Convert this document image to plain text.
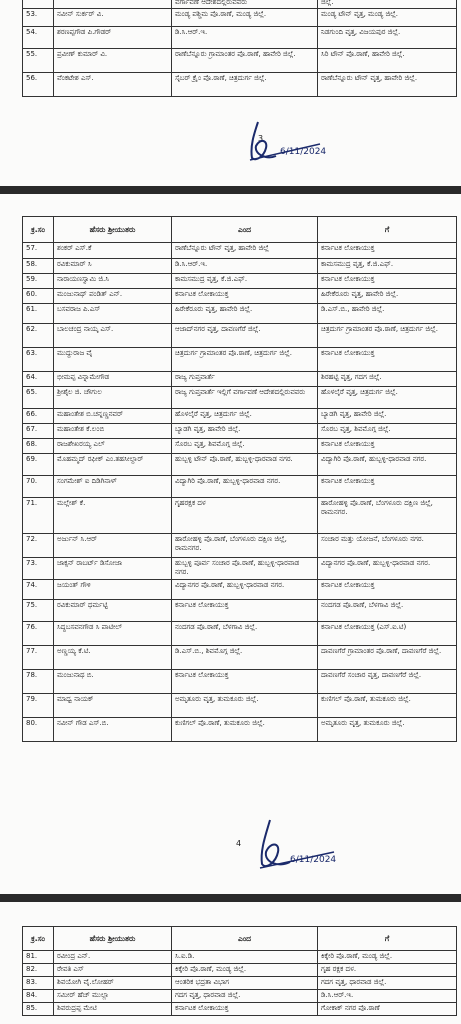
		ವರ್ಗಾವಣೆ ಆದೇಶದಲ್ಲಿರುವವರು	ಜಿಲ್ಲೆ.
53.	ನವೀನ್ ಸುರ್ಕರ್ ವಿ.	ಮಂಡ್ಯ ಪಶ್ಚಿಮ ಪೊ.ಠಾಣೆ, ಮಂಡ್ಯ ಜಿಲ್ಲೆ.	ಮಂಡ್ಯ ಟೌನ್ ವೃತ್ತ, ಮಂಡ್ಯ ಜಿಲ್ಲೆ.
54.	ಶರಣಪ್ಪಗೌಡ ಪಿ.ಗೌಡರ್	ಡಿ.ಸಿ.ಆರ್.ಇ.	ನಿಡಗುಂದಿ ವೃತ್ತ, ವಿಜಯಪುರ ಜಿಲ್ಲೆ.
55.	ಪ್ರವೀಣ್ ಕುಮಾರ್ ವಿ.	ರಾಣೆಬೆನ್ನೂರು ಗ್ರಾಮಾಂತರ ಪೊ.ಠಾಣೆ, ಹಾವೇರಿ ಜಿಲ್ಲೆ.	ಸಿರಿ ಟೌನ್ ಪೊ.ಠಾಣೆ, ಹಾವೇರಿ ಜಿಲ್ಲೆ.
56.	ವೆಂಕಟೇಶ ಎಸ್.	ಸೈಬರ್ ಕ್ರೈಂ ಪೊ.ಠಾಣೆ, ಚಿತ್ರದುರ್ಗ ಜಿಲ್ಲೆ.	ರಾಣೆಬೆನ್ನೂರು ಟೌನ್ ವೃತ್ತ, ಹಾವೇರಿ ಜಿಲ್ಲೆ.
3
6/11/2024
ಕ್ರ.ಸಂ	ಹೆಸರು ಶ್ರೀಯುತರು	ಎಂದ	ಗೆ
57.	ಶಂಕರ್ ಎಸ್.ಕೆ	ರಾಣೆಬೆನ್ನೂರು ಟೌನ್ ವೃತ್ತ, ಹಾವೇರಿ ಜಿಲ್ಲೆ	ಕರ್ನಾಟಕ ಲೋಕಾಯುಕ್ತ
58.	ರವಿಕುಮಾರ್ ಸಿ	ಡಿ.ಸಿ.ಆರ್.ಇ.	ಕಾಮಸಮುದ್ರ ವೃತ್ತ, ಕೆ.ಜಿ.ಎಫ್.
59.	ನಾರಾಯಣಸ್ವಾಮಿ ಜಿ.ಸಿ	ಕಾಮಸಮುದ್ರ ವೃತ್ತ, ಕೆ.ಜಿ.ಎಫ್.	ಕರ್ನಾಟಕ ಲೋಕಾಯುಕ್ತ
60.	ಮಂಜುನಾಥ್ ಪಂಡಿತ್ ಎನ್.	ಕರ್ನಾಟಕ ಲೋಕಾಯುಕ್ತ	ಹಿರೇಕೆರೂರು ವೃತ್ತ, ಹಾವೇರಿ ಜಿಲ್ಲೆ.
61.	ಬಸವರಾಜ ಪಿ.ಎಸ್	ಹಿರೇಕೆರೂರು ವೃತ್ತ, ಹಾವೇರಿ ಜಿಲ್ಲೆ.	ಡಿ.ಎಸ್.ಬಿ., ಹಾವೇರಿ ಜಿಲ್ಲೆ.
62.	ಬಾಲಚಂದ್ರ ನಾಯ್ಕ ಎಸ್.	ಆಜಾದ್‌ನಗರ ವೃತ್ತ, ದಾವಣಗೆರೆ ಜಿಲ್ಲೆ.	ಚಿತ್ರದುರ್ಗ ಗ್ರಾಮಾಂತರ ಪೊ.ಠಾಣೆ, ಚಿತ್ರದುರ್ಗ ಜಿಲ್ಲೆ.
63.	ಮುದ್ದುರಾಜ ವೈ	ಚಿತ್ರದುರ್ಗ ಗ್ರಾಮಾಂತರ ಪೊ.ಠಾಣೆ, ಚಿತ್ರದುರ್ಗ ಜಿಲ್ಲೆ.	ಕರ್ನಾಟಕ ಲೋಕಾಯುಕ್ತ
64.	ಭೀಮಪ್ಪ ವಿನ್ನಾಮೇಗೌಡ	ರಾಜ್ಯ ಗುಪ್ತವಾರ್ತೆ	ಶಿರಹಟ್ಟಿ ವೃತ್ತ, ಗದಗ ಜಿಲ್ಲೆ.
65.	ಶ್ರೀಶೈಲ ಜಿ. ಚೌಗುಲ	ರಾಜ್ಯ ಗುಪ್ತವಾರ್ತೆ ಇಲ್ಲಿಗೆ ವರ್ಗಾವಣೆ ಆದೇಶದಲ್ಲಿರುವವರು	ಹೊಳಲ್ಕೆರೆ ವೃತ್ತ, ಚಿತ್ರದುರ್ಗ ಜಿಲ್ಲೆ.
66.	ಮಹಾಂತೇಶ ಬಿ.ಚನ್ನಣ್ಣನವರ್	ಹೊಳಲ್ಕೆರೆ ವೃತ್ತ, ಚಿತ್ರದುರ್ಗ ಜಿಲ್ಲೆ.	ಬ್ಯಾಡಗಿ ವೃತ್ತ, ಹಾವೇರಿ ಜಿಲ್ಲೆ.
67.	ಮಹಾಂತೇಶ ಕೆ.ಲಂಬಿ	ಬ್ಯಾಡಗಿ ವೃತ್ತ, ಹಾವೇರಿ ಜಿಲ್ಲೆ.	ಸೊರಬ ವೃತ್ತ, ಶಿವಮೊಗ್ಗ ಜಿಲ್ಲೆ.
68.	ರಾಜಶೇಖರಯ್ಯ ಎಲ್	ಸೊರಬ ವೃತ್ತ, ಶಿವಮೊಗ್ಗ ಜಿಲ್ಲೆ.	ಕರ್ನಾಟಕ ಲೋಕಾಯುಕ್ತ
69.	ಮೊಹಮ್ಮದ್ ರಫೀಕ್ ಎಂ.ತಹಸೀಲ್ದಾರ್	ಹುಬ್ಬಳ್ಳಿ ಟೌನ್ ಪೊ.ಠಾಣೆ, ಹುಬ್ಬಳ್ಳಿ-ಧಾರವಾಡ ನಗರ.	ವಿದ್ಯಾಗಿರಿ ಪೊ.ಠಾಣೆ, ಹುಬ್ಬಳ್ಳಿ-ಧಾರವಾಡ ನಗರ.
70.	ಸಂಗಮೇಶ್ ಐ ದಿಡಿಗಿನಾಳ್	ವಿದ್ಯಾಗಿರಿ ಪೊ.ಠಾಣೆ, ಹುಬ್ಬಳ್ಳಿ-ಧಾರವಾಡ ನಗರ.	ಕರ್ನಾಟಕ ಲೋಕಾಯುಕ್ತ
71.	ಮಲ್ಲೇಶ್ ಕೆ.	ಗೃಹರಕ್ಷಕ ದಳ	ಹಾರೋಹಳ್ಳಿ ಪೊ.ಠಾಣೆ, ಬೆಂಗಳೂರು ದಕ್ಷಿಣ ಜಿಲ್ಲೆ, ರಾಮನಗರ.
72.	ಅರ್ಜುನ್ ಸಿ.ಆರ್	ಹಾರೋಹಳ್ಳಿ ಪೊ.ಠಾಣೆ, ಬೆಂಗಳೂರು ದಕ್ಷಿಣ ಜಿಲ್ಲೆ, ರಾಮನಗರ.	ಸಂಚಾರ ಮತ್ತು ಯೋಜನೆ, ಬೆಂಗಳೂರು ನಗರ.
73.	ಜಾಕ್ಸನ್ ರಾಬರ್ಟ್ ಡಿಸೋಜಾ	ಹುಬ್ಬಳ್ಳಿ ಪೂರ್ವ ಸಂಚಾರ ಪೊ.ಠಾಣೆ, ಹುಬ್ಬಳ್ಳಿ-ಧಾರವಾಡ ನಗರ.	ವಿದ್ಯಾನಗರ ಪೊ.ಠಾಣೆ, ಹುಬ್ಬಳ್ಳಿ-ಧಾರವಾಡ ನಗರ.
74.	ಜಯಂತ್ ಗೌಳಿ	ವಿದ್ಯಾನಗರ ಪೊ.ಠಾಣೆ, ಹುಬ್ಬಳ್ಳಿ-ಧಾರವಾಡ ನಗರ.	ಕರ್ನಾಟಕ ಲೋಕಾಯುಕ್ತ
75.	ರವಿಕುಮಾರ್ ಧರ್ಮಟ್ಟಿ	ಕರ್ನಾಟಕ ಲೋಕಾಯುಕ್ತ	ನಂದಗಡ ಪೊ.ಠಾಣೆ, ಬೆಳಗಾವಿ ಜಿಲ್ಲೆ.
76.	ಸಿದ್ಧಬಸವನಗೌಡ ಸಿ ಪಾಟೀಲ್	ನಂದಗಡ ಪೊ.ಠಾಣೆ, ಬೆಳಗಾವಿ ಜಿಲ್ಲೆ.	ಕರ್ನಾಟಕ ಲೋಕಾಯುಕ್ತ (ಎಸ್.ಐ.ಟಿ)
77.	ಅಣ್ಣಯ್ಯ ಕೆ.ಟಿ.	ಡಿ.ಎಸ್.ಬಿ., ಶಿವಮೊಗ್ಗ ಜಿಲ್ಲೆ.	ದಾವಣಗೆರೆ ಗ್ರಾಮಾಂತರ ಪೊ.ಠಾಣೆ, ದಾವಣಗೆರೆ ಜಿಲ್ಲೆ.
78.	ಮಂಜುನಾಥ ಬಿ.	ಕರ್ನಾಟಕ ಲೋಕಾಯುಕ್ತ	ದಾವಣಗೆರೆ ಸಂಚಾರ ವೃತ್ತ, ದಾವಣಗೆರೆ ಜಿಲ್ಲೆ.
79.	ಮಾಧ್ವ ನಾಯಕ್	ಅಮೃತೂರು ವೃತ್ತ, ತುಮಕೂರು ಜಿಲ್ಲೆ.	ಕುಣಿಗಲ್ ಪೊ.ಠಾಣೆ, ತುಮಕೂರು ಜಿಲ್ಲೆ.
80.	ನವೀನ್ ಗೌಡ ಎಸ್.ಬಿ.	ಕುಣಿಗಲ್ ಪೊ.ಠಾಣೆ, ತುಮಕೂರು ಜಿಲ್ಲೆ.	ಅಮೃತೂರು ವೃತ್ತ, ತುಮಕೂರು ಜಿಲ್ಲೆ.
4
6/11/2024
ಕ್ರ.ಸಂ	ಹೆಸರು ಶ್ರೀಯುತರು	ಎಂದ	ಗೆ
81.	ರವೀಂದ್ರ ಎನ್.	ಸಿ.ಐ.ಡಿ.	ಕಿಕ್ಕೇರಿ ಪೊ.ಠಾಣೆ, ಮಂಡ್ಯ ಜಿಲ್ಲೆ.
82.	ರೇವತಿ ಎಸ್	ಕಿಕ್ಕೇರಿ ಪೊ.ಠಾಣೆ, ಮಂಡ್ಯ ಜಿಲ್ಲೆ.	ಗೃಹ ರಕ್ಷಕ ದಳ.
83.	ಶಿವಯೋಗಿ ವೈ.ಲೋಹರ್	ಆಂತರಿಕ ಭದ್ರತಾ ವಿಭಾಗ	ಗದಗ ವೃತ್ತ, ಧಾರವಾಡ ಜಿಲ್ಲೆ.
84.	ಸಮೀರ್ ಹೆಚ್ ಮುಲ್ಲಾ	ಗದಗ ವೃತ್ತ, ಧಾರವಾಡ ಜಿಲ್ಲೆ.	ಡಿ.ಸಿ.ಆರ್.ಇ.
85.	ಶಿವರುದ್ರಪ್ಪ ಮೇಟಿ	ಕರ್ನಾಟಕ ಲೋಕಾಯುಕ್ತ	ಗೋಕಾಕ್ ನಗರ ಪೊ.ಠಾಣೆ
